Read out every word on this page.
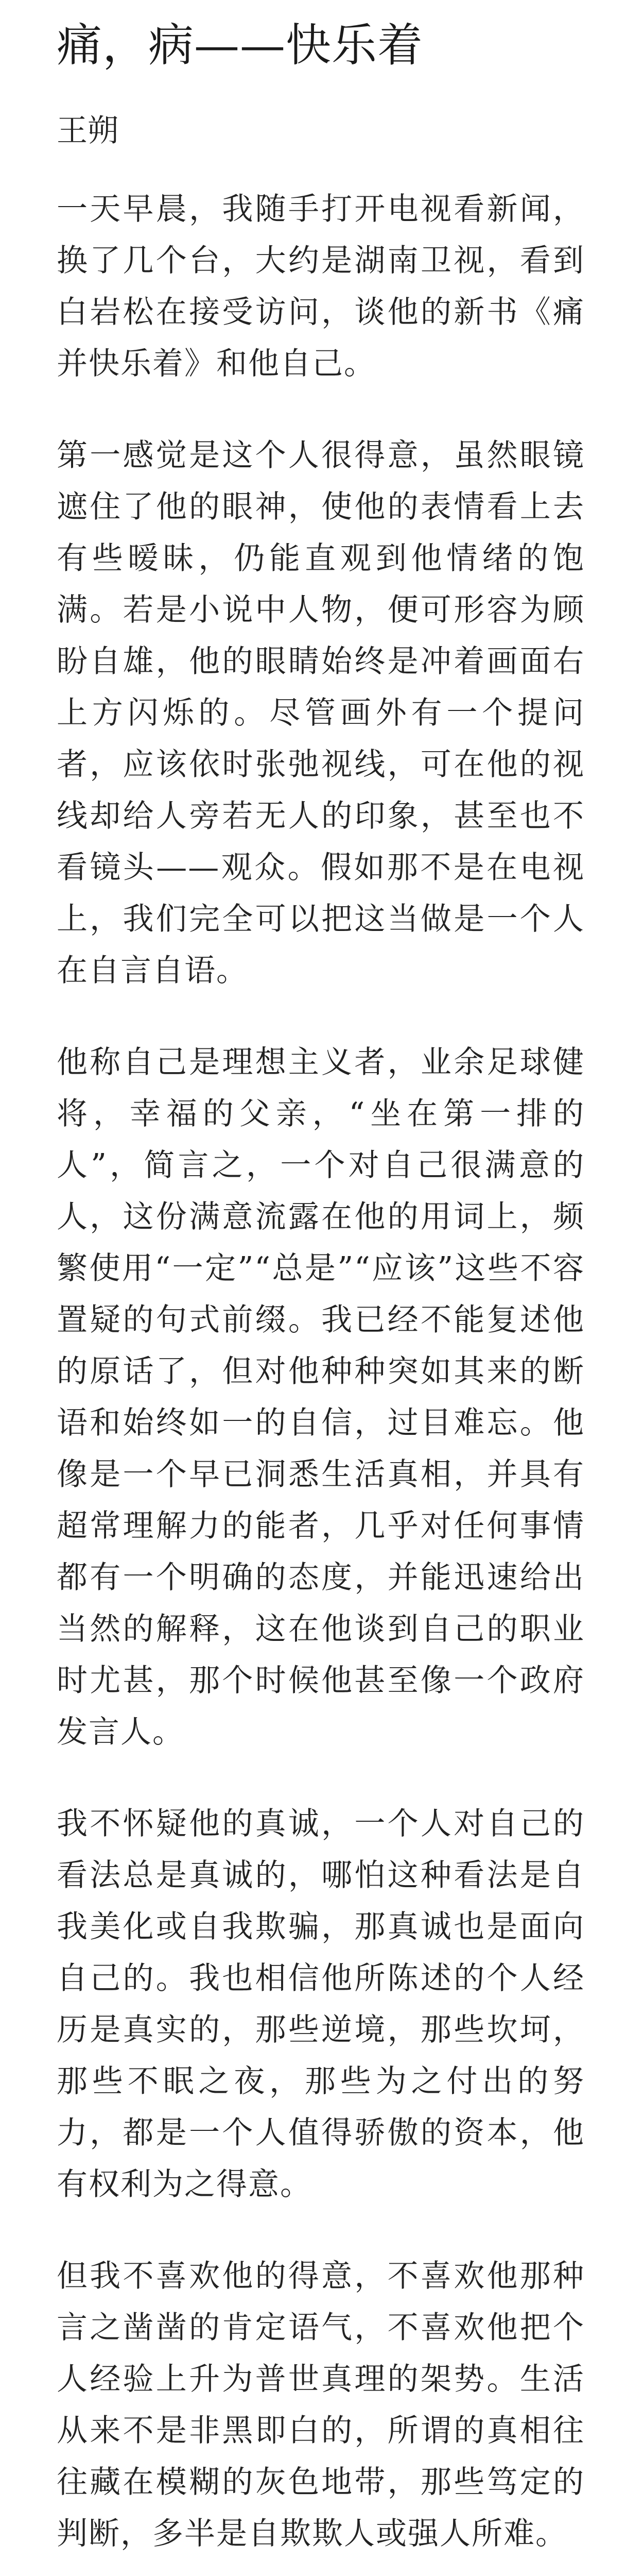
痛，病——快乐着
王朔

一天早晨，我随手打开电视看新闻，换了几个台，大约是湖南卫视，看到白岩松在接受访问，谈他的新书《痛并快乐着》和他自己。

第一感觉是这个人很得意，虽然眼镜遮住了他的眼神，使他的表情看上去有些暧昧，仍能直观到他情绪的饱满。若是小说中人物，便可形容为顾盼自雄，他的眼睛始终是冲着画面右上方闪烁的。尽管画外有一个提问者，应该依时张弛视线，可在他的视线却给人旁若无人的印象，甚至也不看镜头——观众。假如那不是在电视上，我们完全可以把这当做是一个人在自言自语。

他称自己是理想主义者，业余足球健将，幸福的父亲，“坐在第一排的人”，简言之，一个对自己很满意的人，这份满意流露在他的用词上，频繁使用“一定”“总是”“应该”这些不容置疑的句式前缀。我已经不能复述他的原话了，但对他种种突如其来的断语和始终如一的自信，过目难忘。他像是一个早已洞悉生活真相，并具有超常理解力的能者，几乎对任何事情都有一个明确的态度，并能迅速给出当然的解释，这在他谈到自己的职业时尤甚，那个时候他甚至像一个政府发言人。

我不怀疑他的真诚，一个人对自己的看法总是真诚的，哪怕这种看法是自我美化或自我欺骗，那真诚也是面向自己的。我也相信他所陈述的个人经历是真实的，那些逆境，那些坎坷，那些不眠之夜，那些为之付出的努力，都是一个人值得骄傲的资本，他有权利为之得意。

但我不喜欢他的得意，不喜欢他那种言之凿凿的肯定语气，不喜欢他把个人经验上升为普世真理的架势。生活从来不是非黑即白的，所谓的真相往往藏在模糊的灰色地带，那些笃定的判断，多半是自欺欺人或强人所难。
